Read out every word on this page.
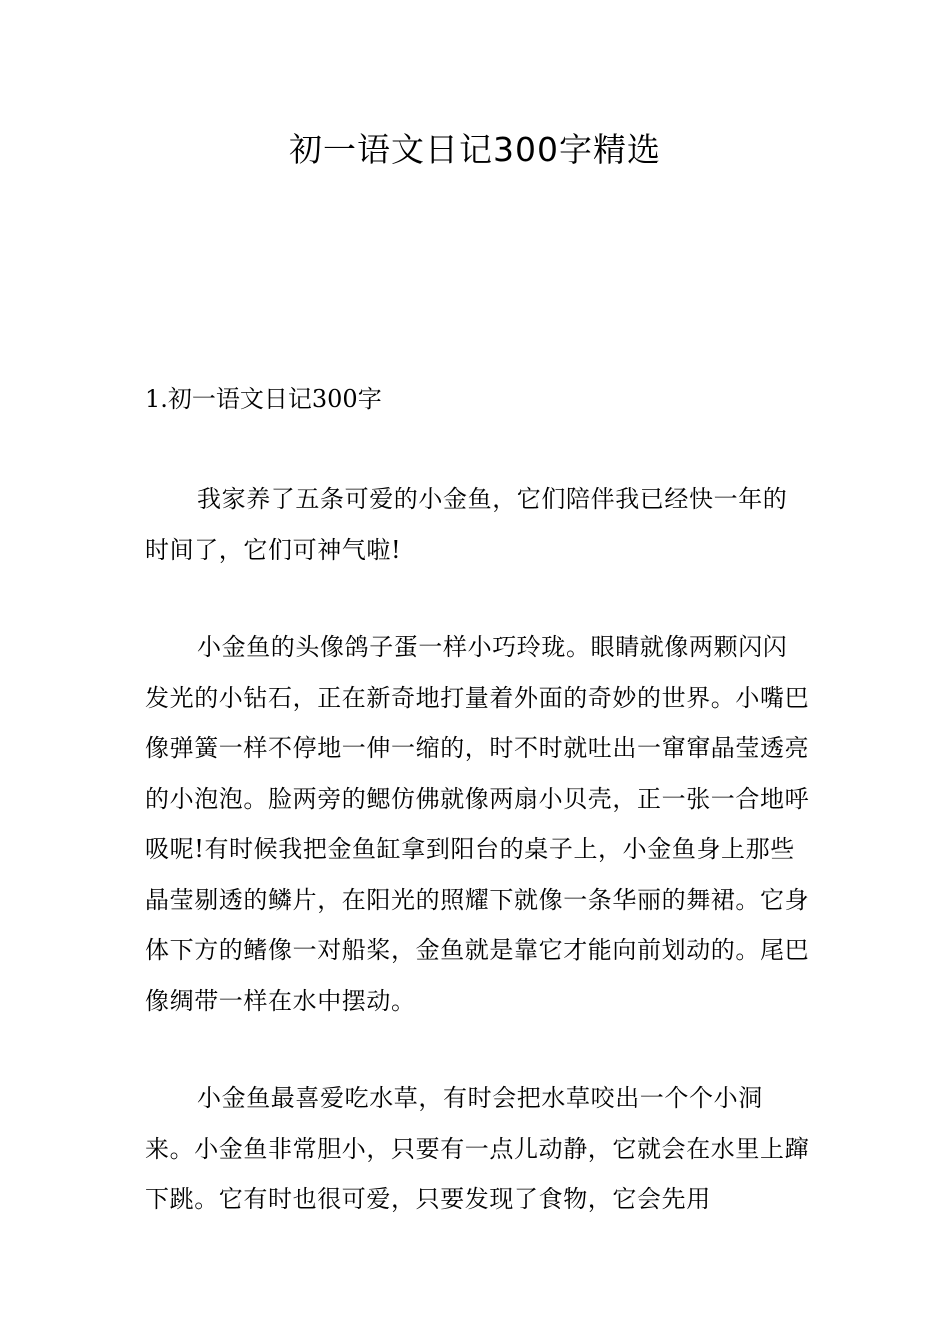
初一语文日记300字精选
1.初一语文日记300字

我家养了五条可爱的小金鱼，它们陪伴我已经快一年的时间了，它们可神气啦!

小金鱼的头像鸽子蛋一样小巧玲珑。眼睛就像两颗闪闪发光的小钻石，正在新奇地打量着外面的奇妙的世界。小嘴巴像弹簧一样不停地一伸一缩的，时不时就吐出一窜窜晶莹透亮的小泡泡。脸两旁的鳃仿佛就像两扇小贝壳，正一张一合地呼吸呢!有时候我把金鱼缸拿到阳台的桌子上，小金鱼身上那些晶莹剔透的鳞片，在阳光的照耀下就像一条华丽的舞裙。它身体下方的鳍像一对船桨，金鱼就是靠它才能向前划动的。尾巴像绸带一样在水中摆动。

小金鱼最喜爱吃水草，有时会把水草咬出一个个小洞来。小金鱼非常胆小，只要有一点儿动静，它就会在水里上蹿下跳。它有时也很可爱，只要发现了食物，它会先用
